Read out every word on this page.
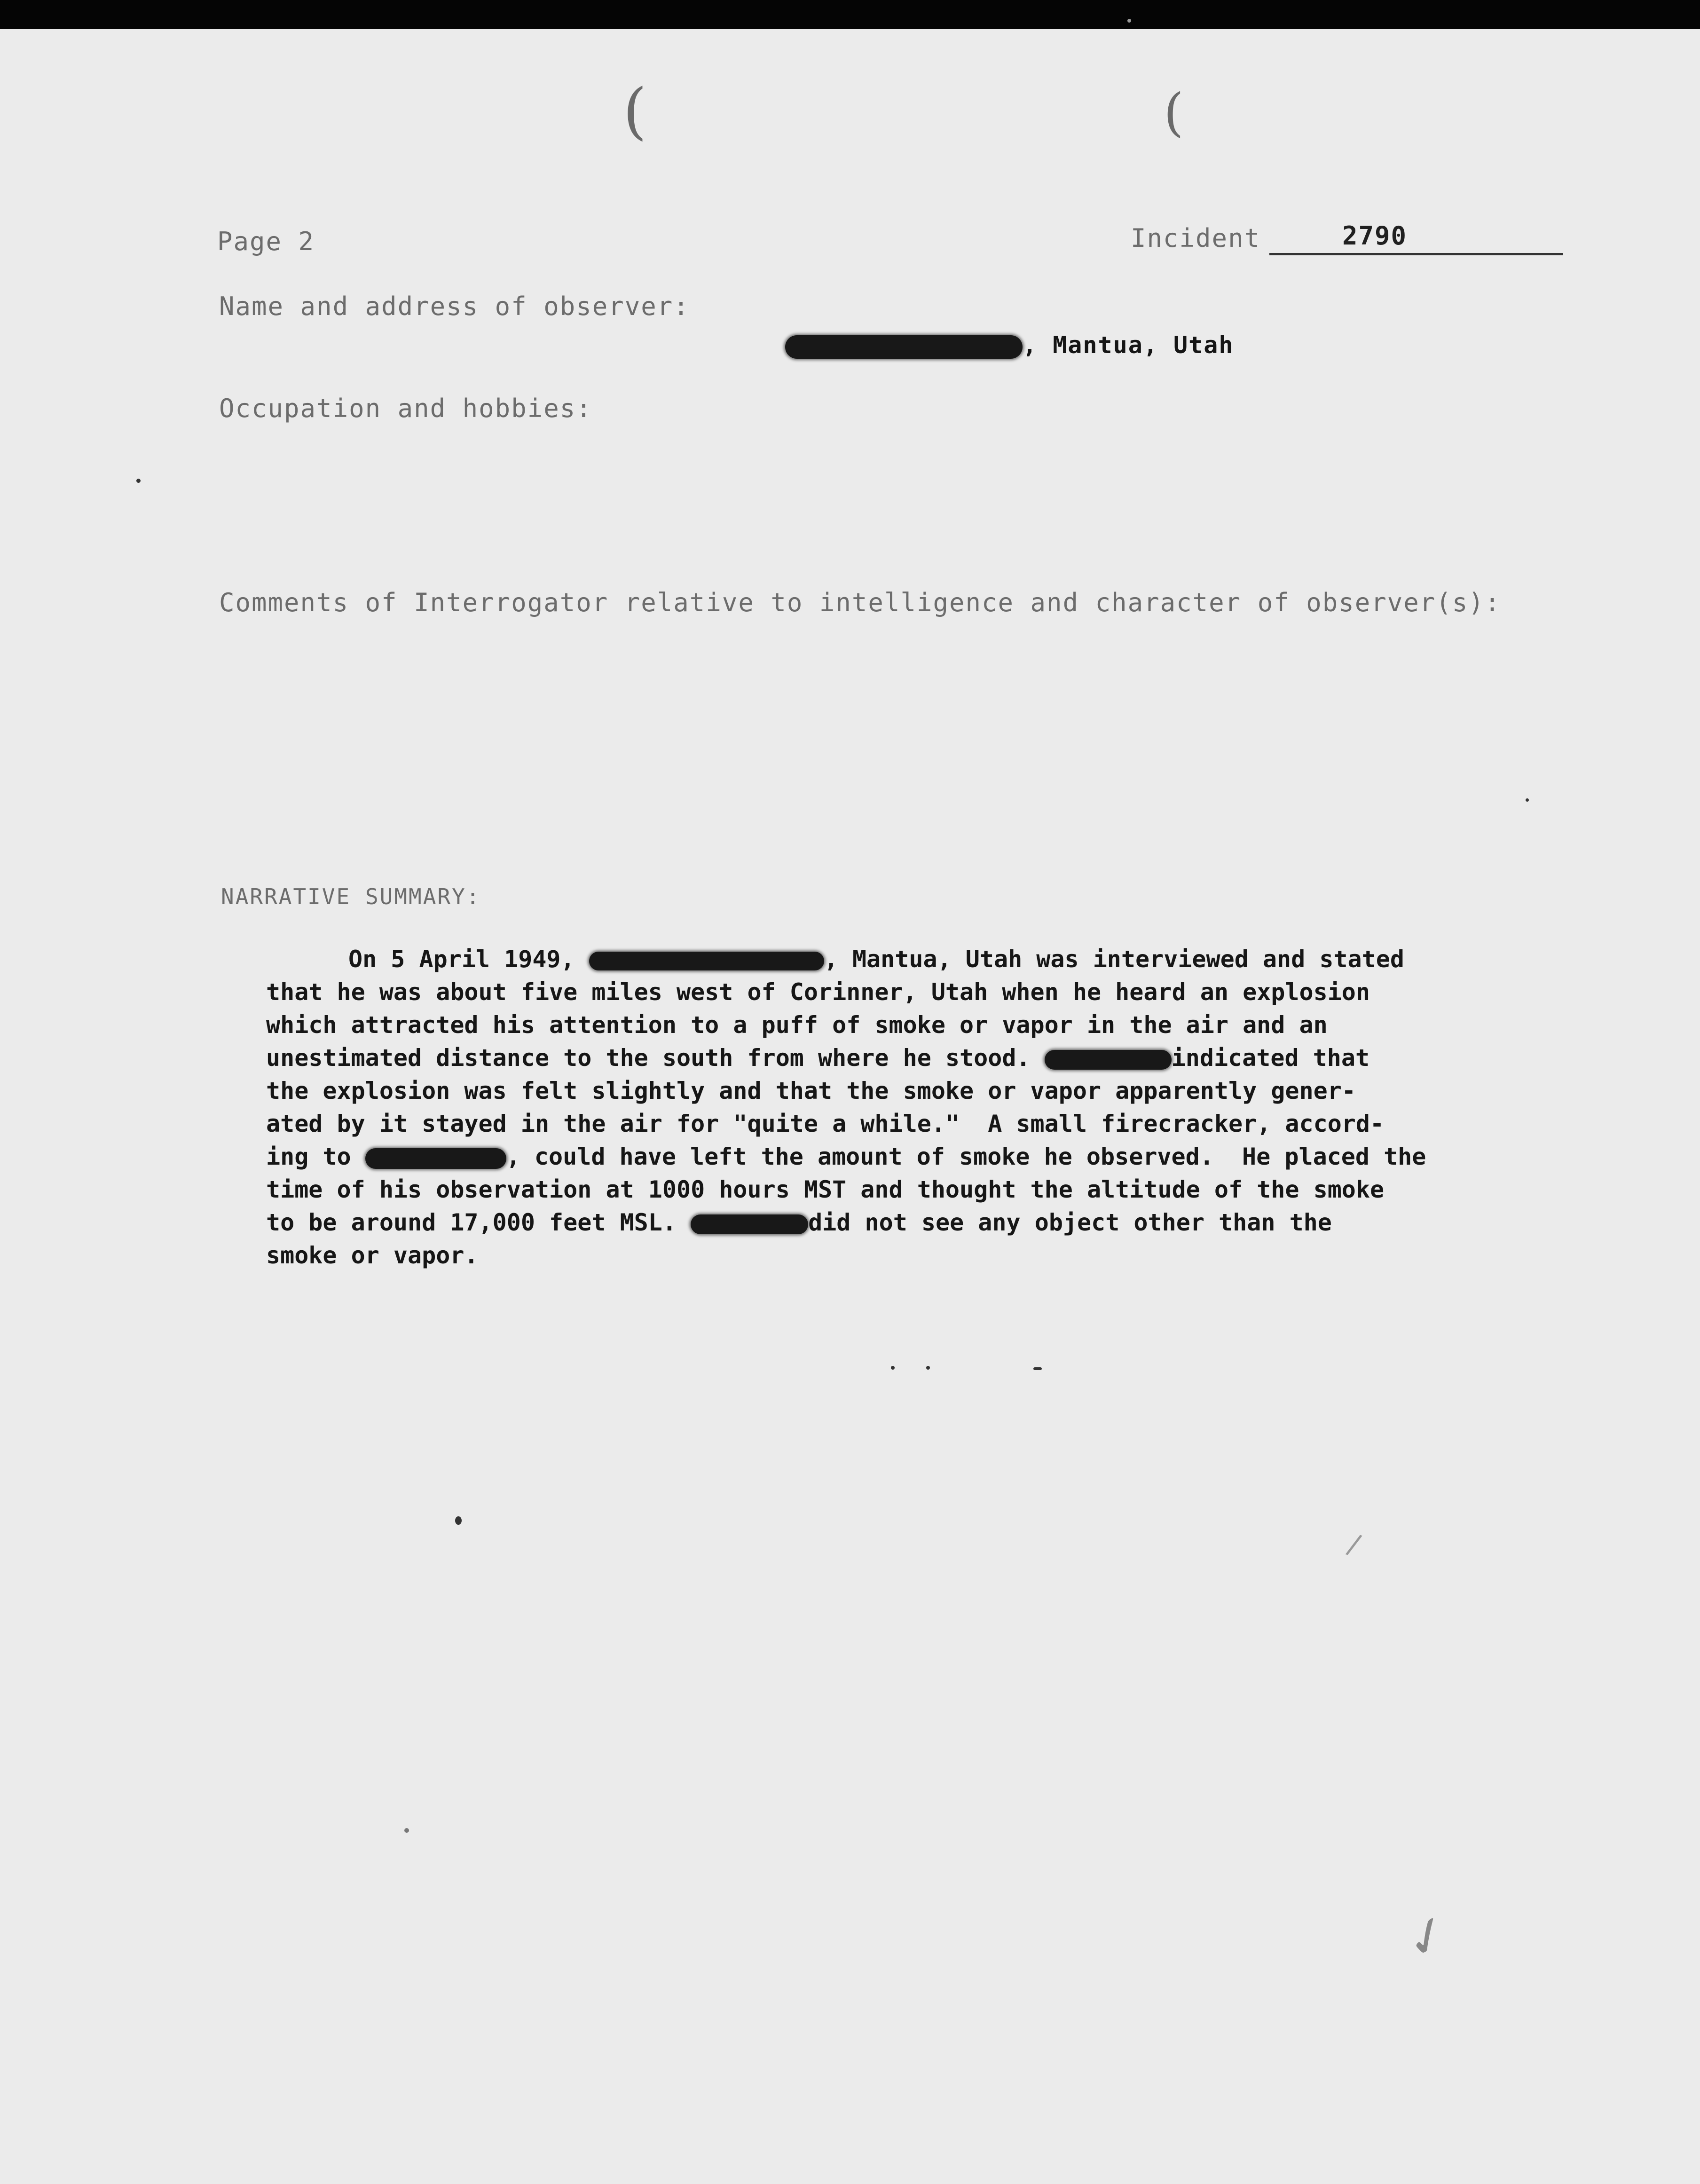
(	(
Page 2	Incident	2790
Name and address of observer:
, Mantua, Utah
Occupation and hobbies:
Comments of Interrogator relative to intelligence and character of observer(s):
NARRATIVE SUMMARY:
On 5 April 1949,	, Mantua, Utah was interviewed and stated
that he was about five miles west of Corinner, Utah when he heard an explosion
which attracted his attention to a puff of smoke or vapor in the air and an
unestimated distance to the south from where he stood.	indicated that
the explosion was felt slightly and that the smoke or vapor apparently gener-
ated by it stayed in the air for "quite a while."  A small firecracker, accord-
ing to	, could have left the amount of smoke he observed.  He placed the
time of his observation at 1000 hours MST and thought the altitude of the smoke
to be around 17,000 feet MSL.	did not see any object other than the
smoke or vapor.
✓
/
